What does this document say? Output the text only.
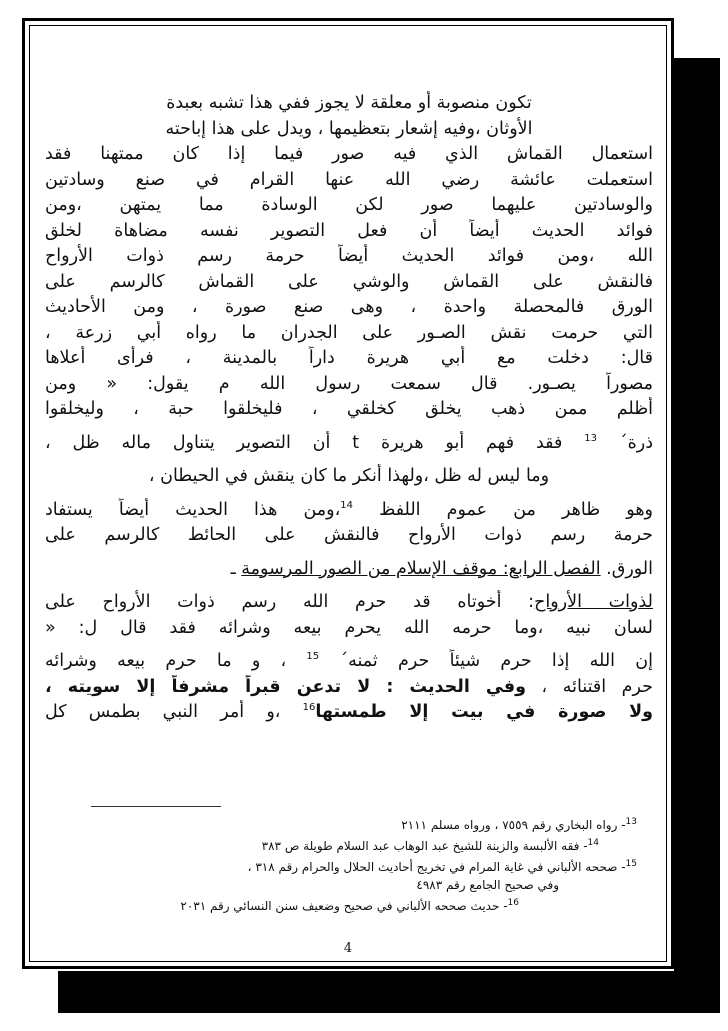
تكون منصوبة أو معلقة لا يجوز ففي هذا تشبه بعبدة
الأوثان ،وفيه إشعار بتعظيمها ، ويدل على هذا إباحته
استعمال القماش الذي فيه صور فيما إذا كان ممتهنا فقد
استعملت عائشة رضي الله عنها القرام في صنع وسادتين
والوسادتين عليهما صور لكن الوسادة مما يمتهن ،ومن
فوائد الحديث أيضاً أن فعل التصوير نفسه مضاهاة لخلق
الله ،ومن فوائد الحديث أيضاً حرمة رسم ذوات الأرواح
فالنقش على القماش والوشي على القماش كالرسم على
الورق فالمحصلة واحدة ، وهى صنع صورة ، ومن الأحاديث
التي حرمت نقش الصـور على الجدران ما رواه أبي زرعة ،
قال: دخلت مع أبي هريرة داراً بالمدينة ، فرأى أعلاها
مصوراً يصـور. قال سمعت رسول الله م يقول: « ومن
أظلم ممن ذهب يخلق كخلقي ، فليخلقوا حبة ، وليخلقوا
ذرة´ $^{13}$ فقد فهم أبو هريرة t أن التصوير يتناول ماله ظل ،
وما ليس له ظل ،ولهذا أنكر ما كان ينقش في الحيطان ،
وهو ظاهر من عموم اللفظ $^{14}$،ومن هذا الحديث أيضاً يستفاد
حرمة رسم ذوات الأرواح فالنقش على الحائط كالرسم على
الورق. الفصل الرابع: موقف الإسلام من الصور المرسومة ـ
لذوات الأرواح: أخوتاه قد حرم الله رسم ذوات الأرواح على
لسان نبيه ،وما حرمه الله يحرم بيعه وشرائه فقد قال ل: «
إن الله إذا حرم شيئاً حرم ثمنه´ $^{15}$ ، و ما حرم بيعه وشرائه
حرم اقتنائه ، وفي الحديث : لا تدعن قبراً مشرفاً إلا سويته ،
ولا صورة في بيت إلا طمستها$^{16}$ ،و أمر النبي بطمس كل
$^{13}$- رواه البخاري رقم ٧٥٥٩ ، ورواه مسلم ٢١١١
$^{14}$- فقه الألبسة والزينة للشيخ عبد الوهاب عبد السلام طويلة ص ٣٨٣
$^{15}$- صححه الألباني في غاية المرام في تخريج أحاديث الحلال والحرام رقم ٣١٨ ،
وفي صحيح الجامع رقم ٤٩٨٣
$^{16}$- حديث صححه الألباني في صحيح وضعيف سنن النسائي رقم ٢٠٣١
4
